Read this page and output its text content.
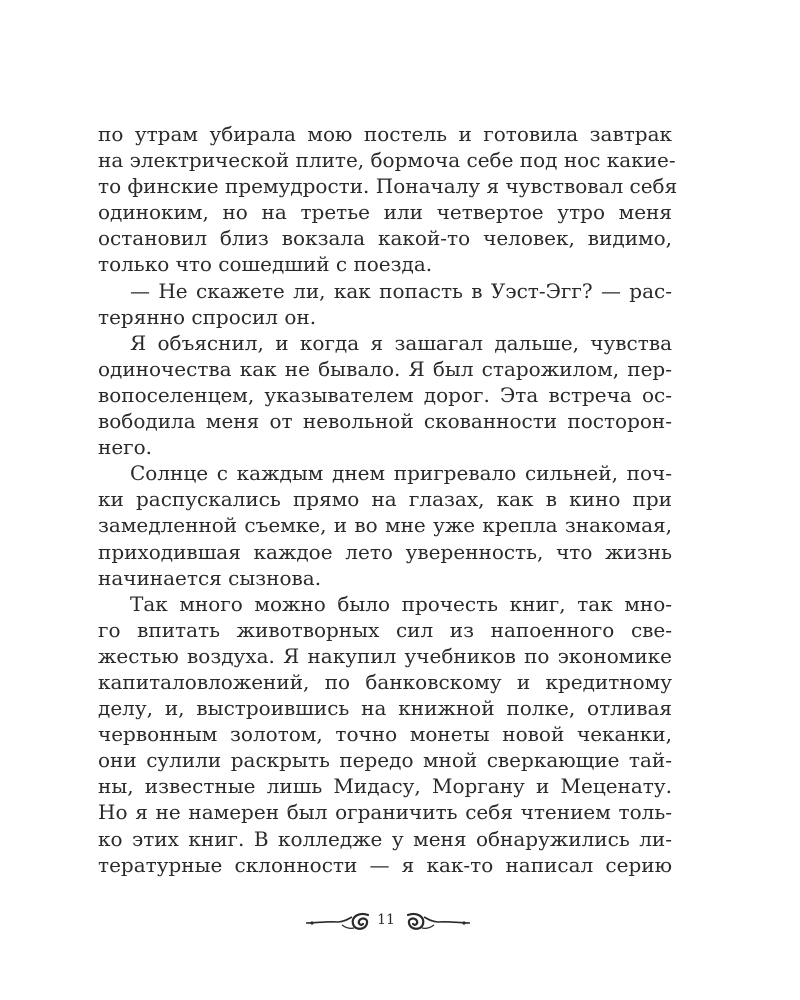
по утрам убирала мою постель и готовила завтрак
на электрической плите, бормоча себе под нос какие-
то финские премудрости. Поначалу я чувствовал себя
одиноким, но на третье или четвертое утро меня
остановил близ вокзала какой-то человек, видимо,
только что сошедший с поезда.
— Не скажете ли, как попасть в Уэст-Эгг? — рас-
терянно спросил он.
Я объяснил, и когда я зашагал дальше, чувства
одиночества как не бывало. Я был старожилом, пер-
вопоселенцем, указывателем дорог. Эта встреча ос-
вободила меня от невольной скованности посторон-
него.
Солнце с каждым днем пригревало сильней, поч-
ки распускались прямо на глазах, как в кино при
замедленной съемке, и во мне уже крепла знакомая,
приходившая каждое лето уверенность, что жизнь
начинается сызнова.
Так много можно было прочесть книг, так мно-
го впитать животворных сил из напоенного све-
жестью воздуха. Я накупил учебников по экономике
капиталовложений, по банковскому и кредитному
делу, и, выстроившись на книжной полке, отливая
червонным золотом, точно монеты новой чеканки,
они сулили раскрыть передо мной сверкающие тай-
ны, известные лишь Мидасу, Моргану и Меценату.
Но я не намерен был ограничить себя чтением толь-
ко этих книг. В колледже у меня обнаружились ли-
тературные склонности — я как-то написал серию
11
